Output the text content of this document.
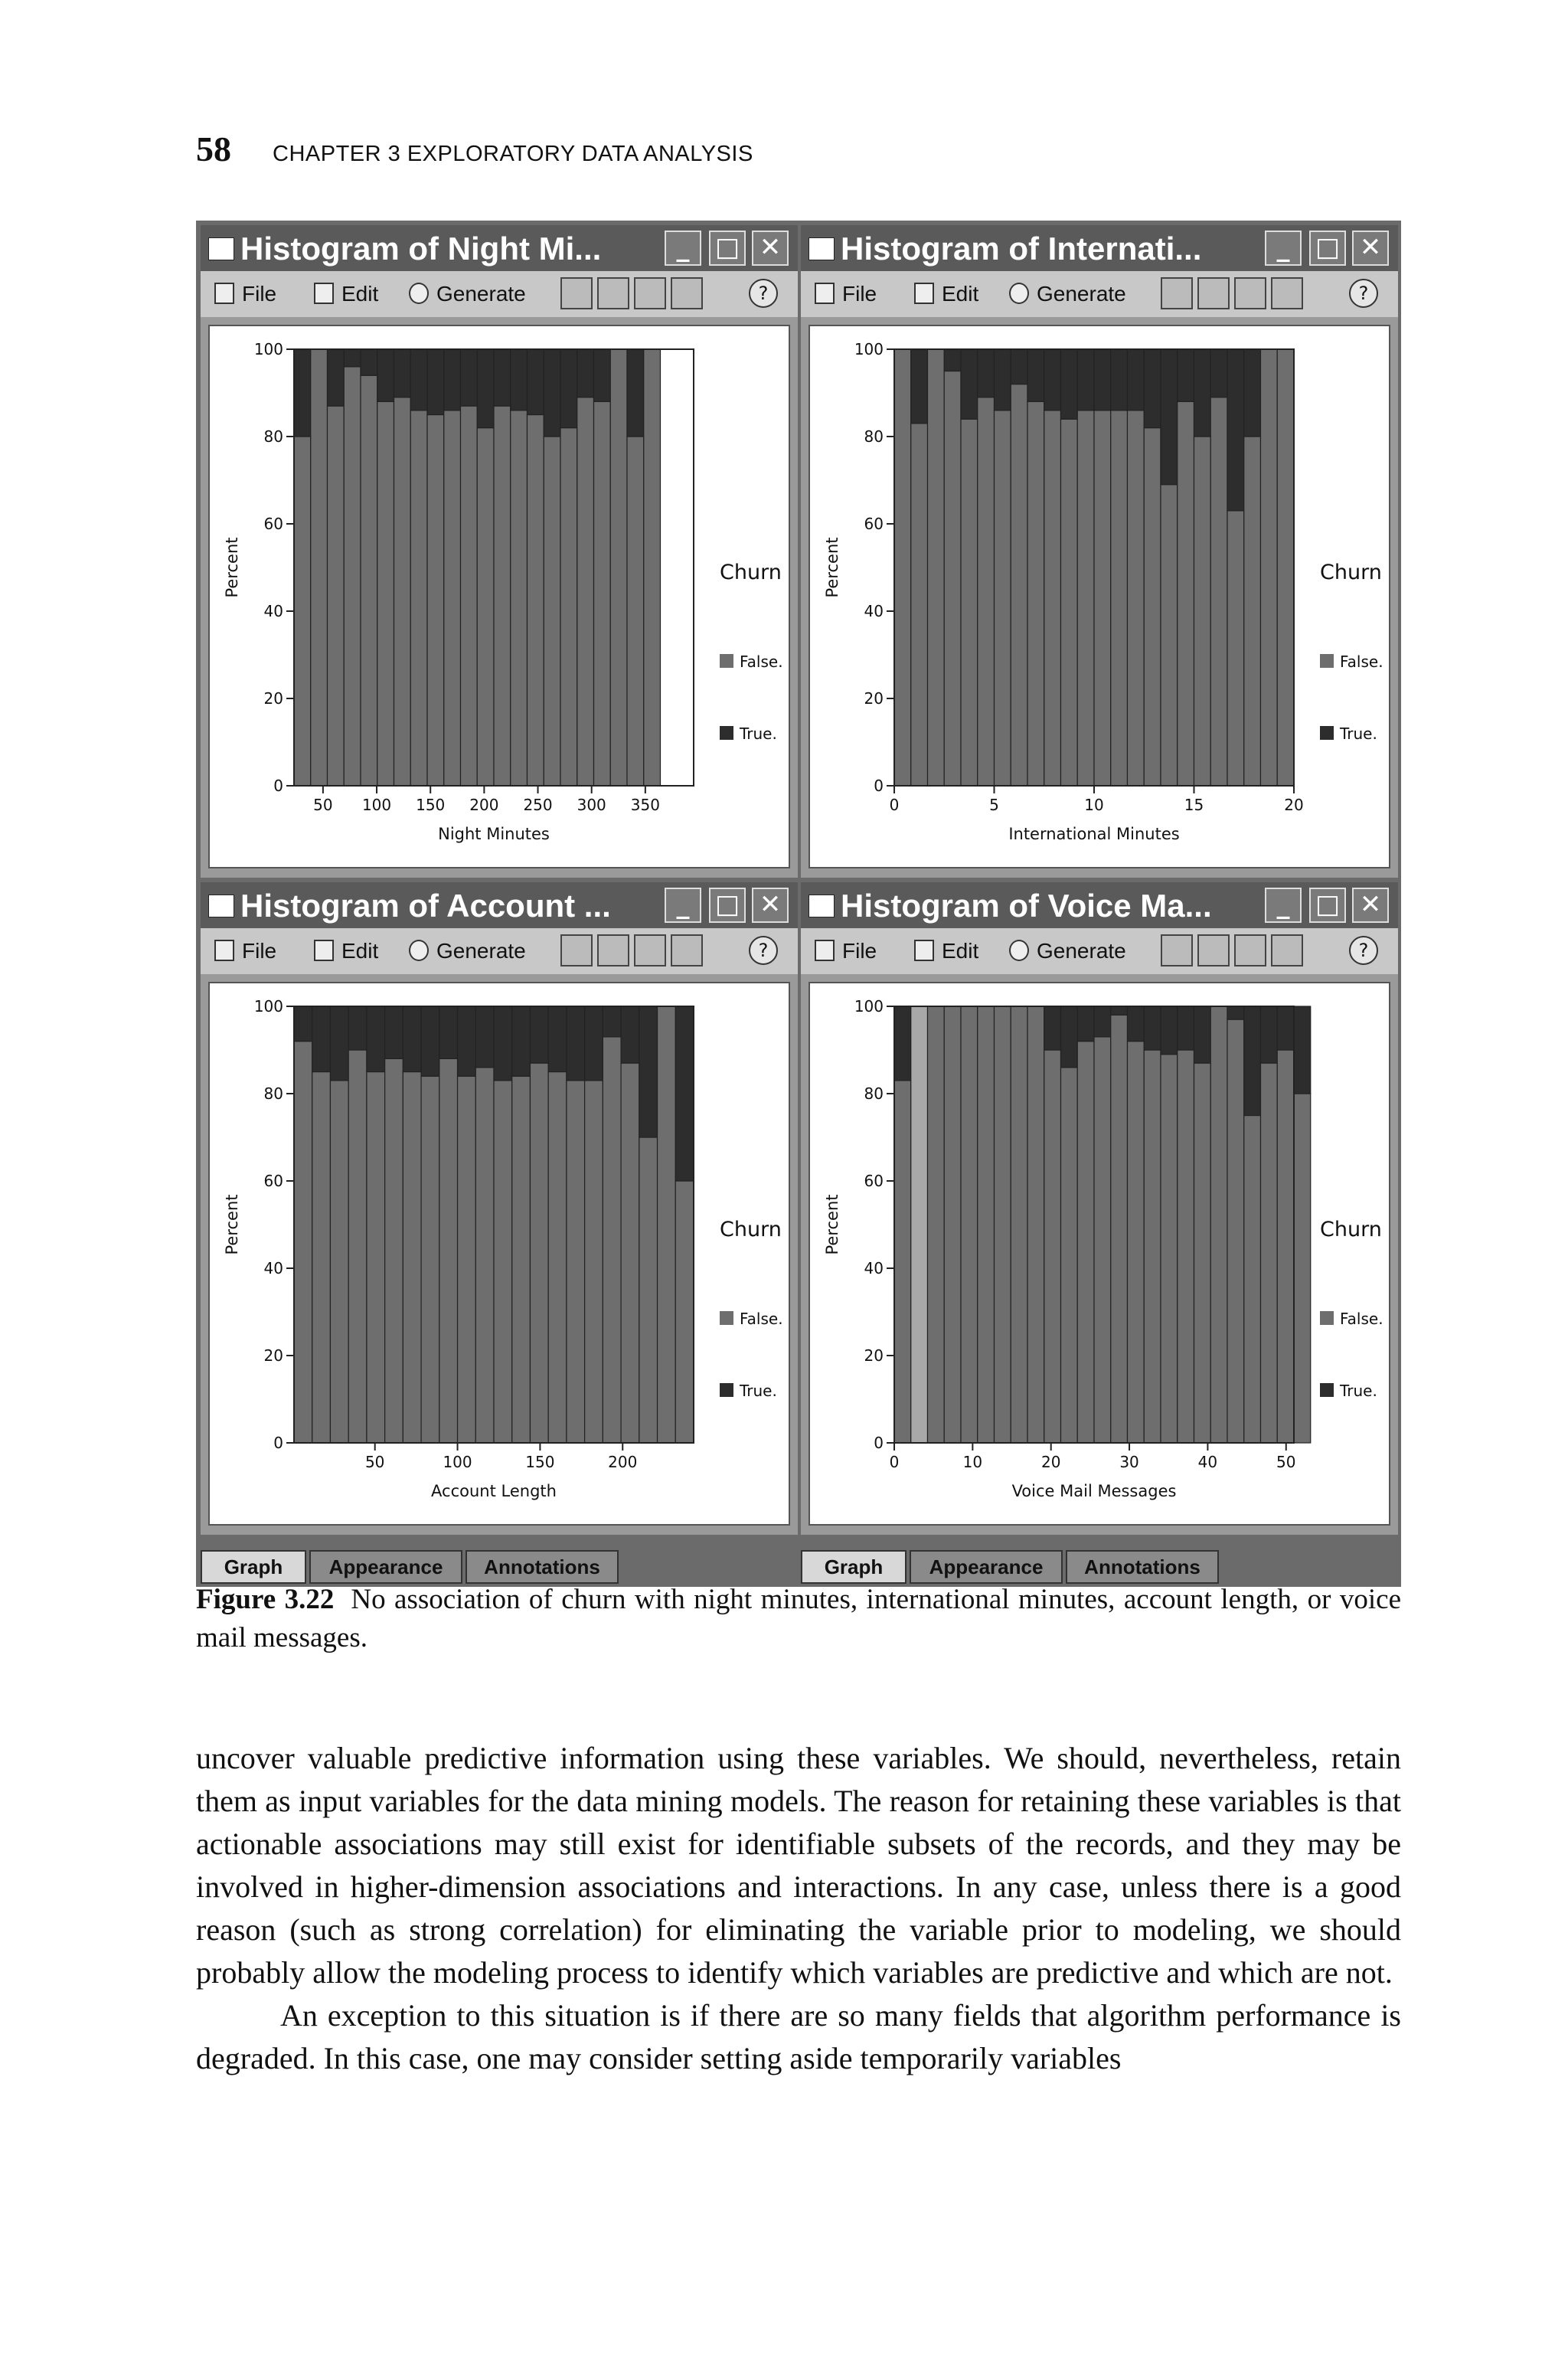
58 CHAPTER 3 EXPLORATORY DATA ANALYSIS
Histogram of Night Mi...	_ □ ✕
File	Edit	Generate	?
0
20
40
60
80
100
50 100 150 200 250 300 350
Night Minutes
Percent	Churn
False.
True.
Histogram of Internati...	_ □ ✕
File	Edit	Generate	?
0
20
40
60
80
100
0	5	10	15	20
International Minutes
Percent	Churn
False.
True.
Histogram of Account ...	_ □ ✕
File	Edit	Generate	?
0
20
40
60
80
100
50	100	150	200
Account Length
Percent	Churn
False.
True.
Histogram of Voice Ma...	_ □ ✕
File	Edit	Generate	?
0
20
40
60
80
100
0	10	20	30	40	50
Voice Mail Messages
Percent	Churn
False.
True.
Graph	Appearance	Annotations	Graph	Appearance	Annotations
Figure 3.22 No association of churn with night minutes, international minutes, account length, or voice mail messages.

uncover valuable predictive information using these variables. We should, nevertheless, retain them as input variables for the data mining models. The reason for retaining these variables is that actionable associations may still exist for identifiable subsets of the records, and they may be involved in higher-dimension associations and interactions. In any case, unless there is a good reason (such as strong correlation) for eliminating the variable prior to modeling, we should probably allow the modeling process to identify which variables are predictive and which are not.

An exception to this situation is if there are so many fields that algorithm performance is degraded. In this case, one may consider setting aside temporarily variables
